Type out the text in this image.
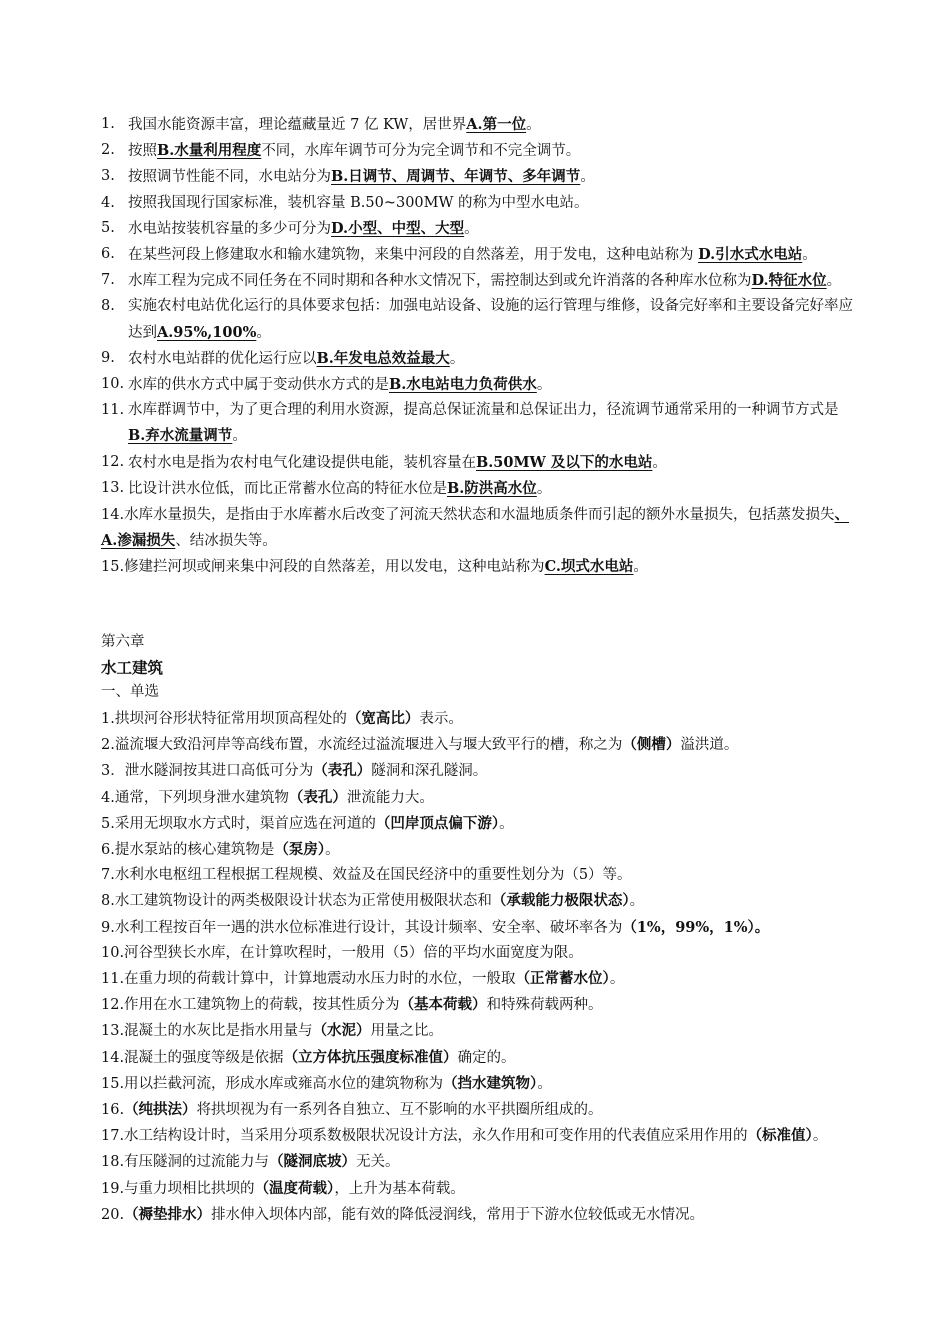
1. 我国水能资源丰富，理论蕴藏量近 7 亿 KW，居世界A.第一位。
2. 按照B.水量利用程度不同，水库年调节可分为完全调节和不完全调节。
3. 按照调节性能不同，水电站分为B.日调节、周调节、年调节、多年调节。
4. 按照我国现行国家标准，装机容量 B.50~300MW 的称为中型水电站。
5. 水电站按装机容量的多少可分为D.小型、中型、大型。
6. 在某些河段上修建取水和输水建筑物，来集中河段的自然落差，用于发电，这种电站称为 D.引水式水电站。
7. 水库工程为完成不同任务在不同时期和各种水文情况下，需控制达到或允许消落的各种库水位称为D.特征水位。
8. 实施农村电站优化运行的具体要求包括：加强电站设备、设施的运行管理与维修，设备完好率和主要设备完好率应达到A.95%,100%。
9. 农村水电站群的优化运行应以B.年发电总效益最大。
10. 水库的供水方式中属于变动供水方式的是B.水电站电力负荷供水。
11. 水库群调节中，为了更合理的利用水资源，提高总保证流量和总保证出力，径流调节通常采用的一种调节方式是B.弃水流量调节。
12. 农村水电是指为农村电气化建设提供电能，装机容量在B.50MW 及以下的水电站。
13. 比设计洪水位低，而比正常蓄水位高的特征水位是B.防洪高水位。
14.水库水量损失，是指由于水库蓄水后改变了河流天然状态和水温地质条件而引起的额外水量损失，包括蒸发损失、A.渗漏损失、结冰损失等。
15.修建拦河坝或闸来集中河段的自然落差，用以发电，这种电站称为C.坝式水电站。
第六章
水工建筑
一、单选
1.拱坝河谷形状特征常用坝顶高程处的（宽高比）表示。
2.溢流堰大致沿河岸等高线布置，水流经过溢流堰进入与堰大致平行的槽，称之为（侧槽）溢洪道。
3．泄水隧洞按其进口高低可分为（表孔）隧洞和深孔隧洞。
4.通常，下列坝身泄水建筑物（表孔）泄流能力大。
5.采用无坝取水方式时，渠首应选在河道的（凹岸顶点偏下游）。
6.提水泵站的核心建筑物是（泵房）。
7.水利水电枢纽工程根据工程规模、效益及在国民经济中的重要性划分为（5）等。
8.水工建筑物设计的两类极限设计状态为正常使用极限状态和（承载能力极限状态）。
9.水利工程按百年一遇的洪水位标准进行设计，其设计频率、安全率、破坏率各为（1%，99%，1%）。
10.河谷型狭长水库，在计算吹程时，一般用（5）倍的平均水面宽度为限。
11.在重力坝的荷载计算中，计算地震动水压力时的水位，一般取（正常蓄水位）。
12.作用在水工建筑物上的荷载，按其性质分为（基本荷载）和特殊荷载两种。
13.混凝土的水灰比是指水用量与（水泥）用量之比。
14.混凝土的强度等级是依据（立方体抗压强度标准值）确定的。
15.用以拦截河流，形成水库或雍高水位的建筑物称为（挡水建筑物）。
16.（纯拱法）将拱坝视为有一系列各自独立、互不影响的水平拱圈所组成的。
17.水工结构设计时，当采用分项系数极限状况设计方法，永久作用和可变作用的代表值应采用作用的（标准值）。
18.有压隧洞的过流能力与（隧洞底坡）无关。
19.与重力坝相比拱坝的（温度荷载），上升为基本荷载。
20.（褥垫排水）排水伸入坝体内部，能有效的降低浸润线，常用于下游水位较低或无水情况。
